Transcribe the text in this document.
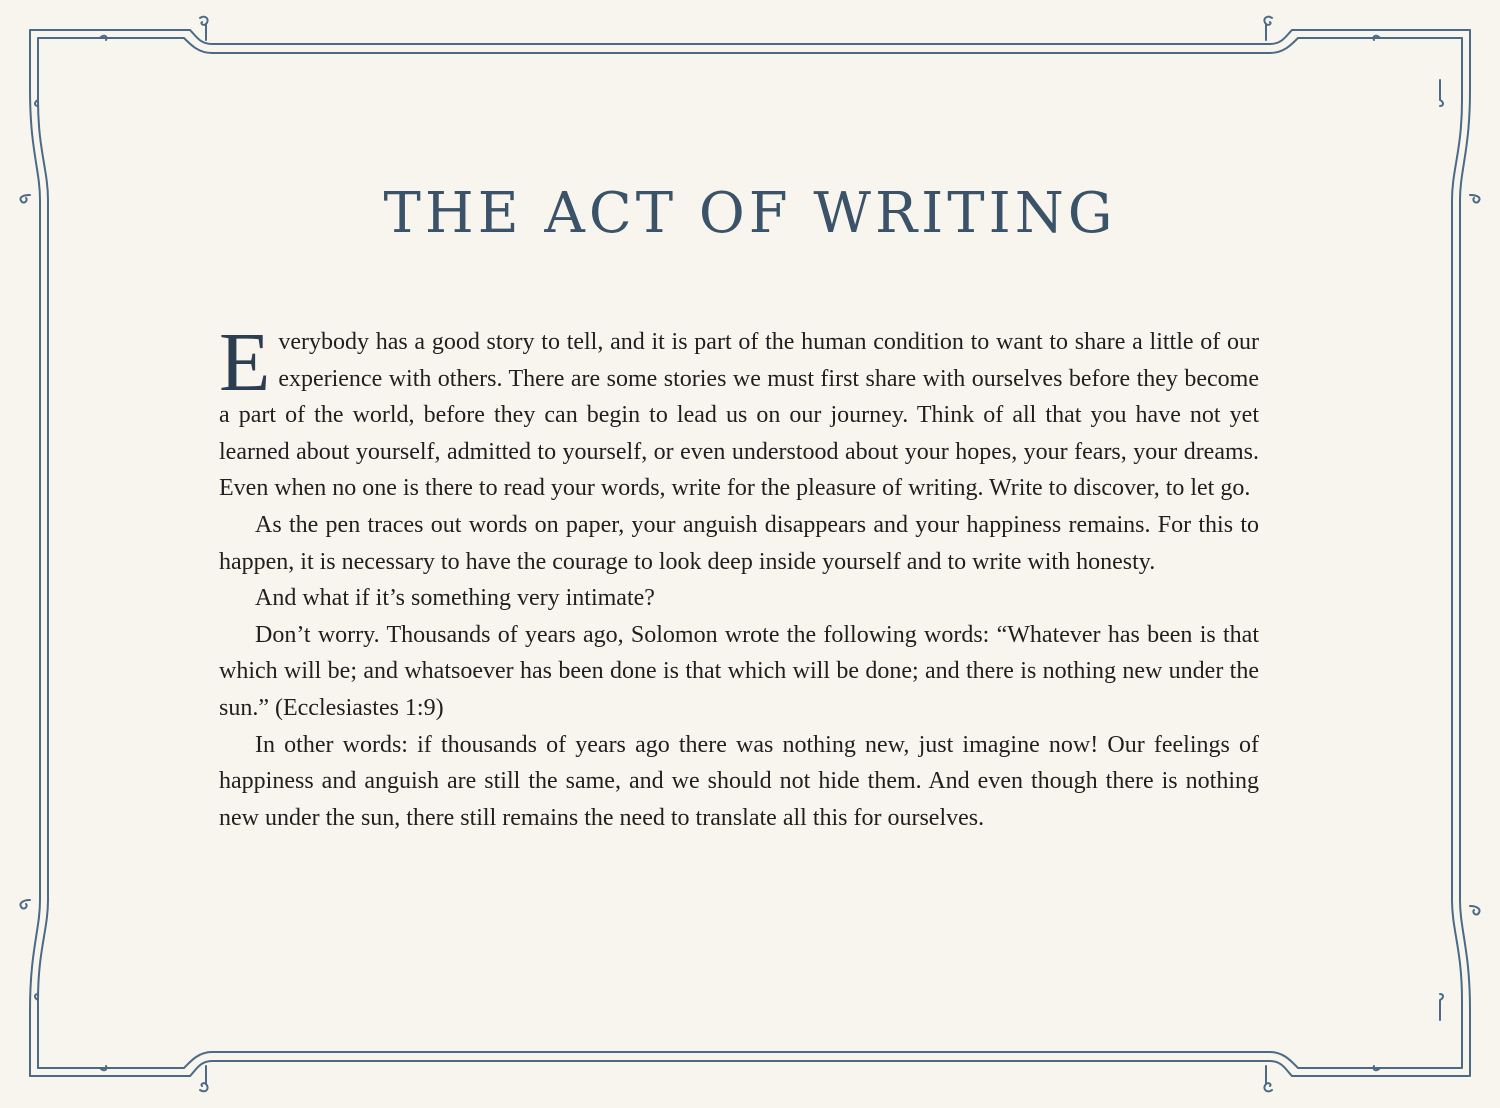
THE ACT OF WRITING

Everybody has a good story to tell, and it is part of the human condition to want to share a little of our experience with others. There are some stories we must first share with ourselves before they become a part of the world, before they can begin to lead us on our journey. Think of all that you have not yet learned about yourself, admitted to yourself, or even understood about your hopes, your fears, your dreams. Even when no one is there to read your words, write for the pleasure of writing. Write to discover, to let go.

As the pen traces out words on paper, your anguish disappears and your happiness remains. For this to happen, it is necessary to have the courage to look deep inside yourself and to write with honesty.

And what if it’s something very intimate?

Don’t worry. Thousands of years ago, Solomon wrote the following words: “Whatever has been is that which will be; and whatsoever has been done is that which will be done; and there is nothing new under the sun.” (Ecclesiastes 1:9)

In other words: if thousands of years ago there was nothing new, just imagine now! Our feelings of happiness and anguish are still the same, and we should not hide them. And even though there is nothing new under the sun, there still remains the need to translate all this for ourselves.
